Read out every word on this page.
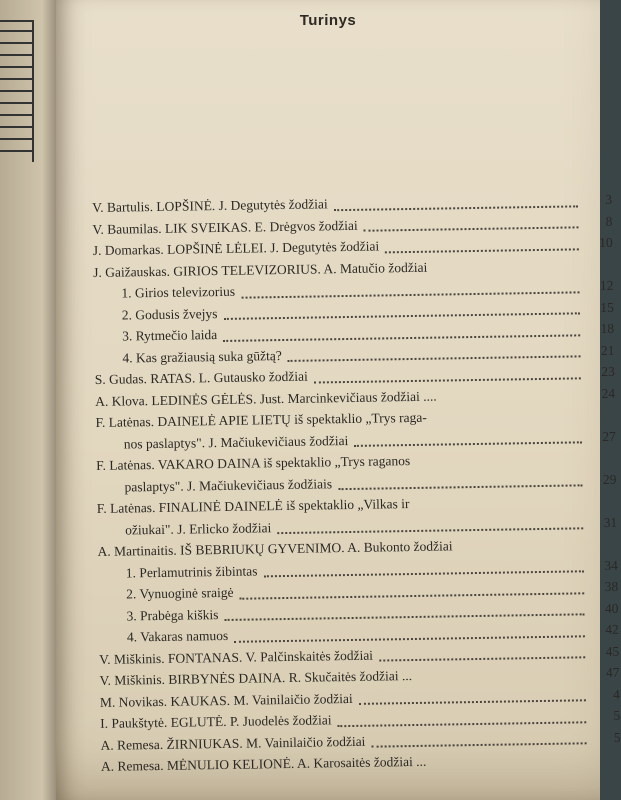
Turinys
V. Bartulis. LOPŠINĖ. J. Degutytės žodžiai	3
V. Baumilas. LIK SVEIKAS. E. Drėgvos žodžiai	8
J. Domarkas. LOPŠINĖ LĖLEI. J. Degutytės žodžiai	10
J. Gaižauskas. GIRIOS TELEVIZORIUS. A. Matučio žodžiai
1. Girios televizorius	12
2. Godusis žvejys	15
3. Rytmečio laida	18
4. Kas gražiausią suka gūžtą?	21
S. Gudas. RATAS. L. Gutausko žodžiai	23
A. Klova. LEDINĖS GĖLĖS. Just. Marcinkevičiaus žodžiai ....	24
F. Latėnas. DAINELĖ APIE LIETŲ iš spektaklio „Trys raga-
nos paslaptys". J. Mačiukevičiaus žodžiai	27
F. Latėnas. VAKARO DAINA iš spektaklio „Trys raganos
paslaptys". J. Mačiukevičiaus žodžiais	29
F. Latėnas. FINALINĖ DAINELĖ iš spektaklio „Vilkas ir
ožiukai". J. Erlicko žodžiai	31
A. Martinaitis. IŠ BEBRIUKŲ GYVENIMO. A. Bukonto žodžiai
1. Perlamutrinis žibintas	34
2. Vynuoginė sraigė	38
3. Prabėga kiškis	40
4. Vakaras namuos	42
V. Miškinis. FONTANAS. V. Palčinskaitės žodžiai	45
V. Miškinis. BIRBYNĖS DAINA. R. Skučaitės žodžiai ...	47
M. Novikas. KAUKAS. M. Vainilaičio žodžiai	4
I. Paukštytė. EGLUTĖ. P. Juodelės žodžiai	5
A. Remesa. ŽIRNIUKAS. M. Vainilaičio žodžiai	5
A. Remesa. MĖNULIO KELIONĖ. A. Karosaitės žodžiai ...
